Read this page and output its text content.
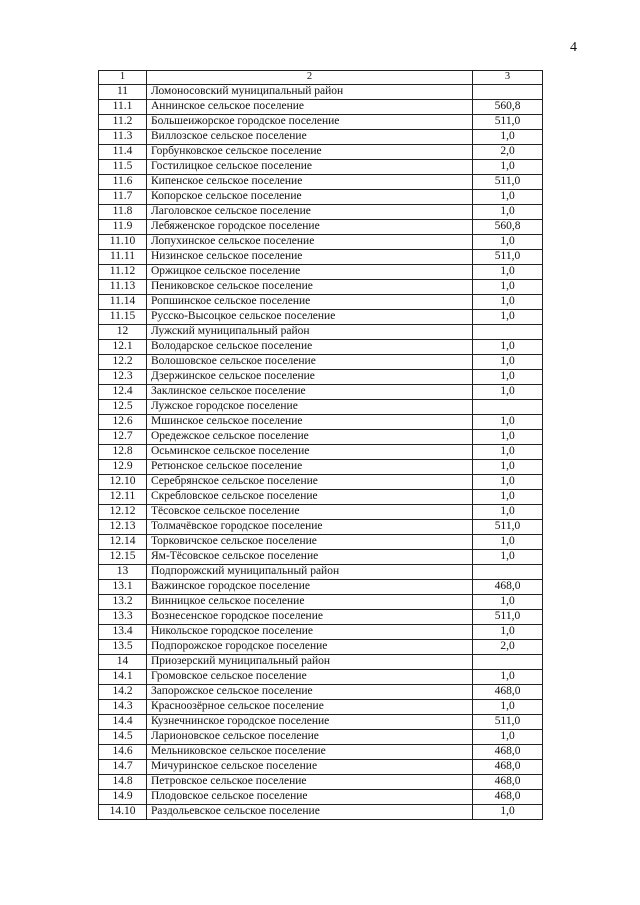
4
1	2	3
11	Ломоносовский муниципальный район	
11.1	Аннинское сельское поселение	560,8
11.2	Большеижорское городское поселение	511,0
11.3	Виллозское сельское поселение	1,0
11.4	Горбунковское сельское поселение	2,0
11.5	Гостилицкое сельское поселение	1,0
11.6	Кипенское сельское поселение	511,0
11.7	Копорское сельское поселение	1,0
11.8	Лаголовское сельское поселение	1,0
11.9	Лебяженское городское поселение	560,8
11.10	Лопухинское сельское поселение	1,0
11.11	Низинское сельское поселение	511,0
11.12	Оржицкое сельское поселение	1,0
11.13	Пениковское сельское поселение	1,0
11.14	Ропшинское сельское поселение	1,0
11.15	Русско-Высоцкое сельское поселение	1,0
12	Лужский муниципальный район	
12.1	Володарское сельское поселение	1,0
12.2	Волошовское сельское поселение	1,0
12.3	Дзержинское сельское поселение	1,0
12.4	Заклинское сельское поселение	1,0
12.5	Лужское городское поселение	
12.6	Мшинское сельское поселение	1,0
12.7	Оредежское сельское поселение	1,0
12.8	Осьминское сельское поселение	1,0
12.9	Ретюнское сельское поселение	1,0
12.10	Серебрянское сельское поселение	1,0
12.11	Скребловское сельское поселение	1,0
12.12	Тёсовское сельское поселение	1,0
12.13	Толмачёвское городское поселение	511,0
12.14	Торковичское сельское поселение	1,0
12.15	Ям-Тёсовское сельское поселение	1,0
13	Подпорожский муниципальный район	
13.1	Важинское городское поселение	468,0
13.2	Винницкое сельское поселение	1,0
13.3	Вознесенское городское поселение	511,0
13.4	Никольское городское поселение	1,0
13.5	Подпорожское городское поселение	2,0
14	Приозерский муниципальный район	
14.1	Громовское сельское поселение	1,0
14.2	Запорожское сельское поселение	468,0
14.3	Красноозёрное сельское поселение	1,0
14.4	Кузнечнинское городское поселение	511,0
14.5	Ларионовское сельское поселение	1,0
14.6	Мельниковское сельское поселение	468,0
14.7	Мичуринское сельское поселение	468,0
14.8	Петровское сельское поселение	468,0
14.9	Плодовское сельское поселение	468,0
14.10	Раздольевское сельское поселение	1,0
